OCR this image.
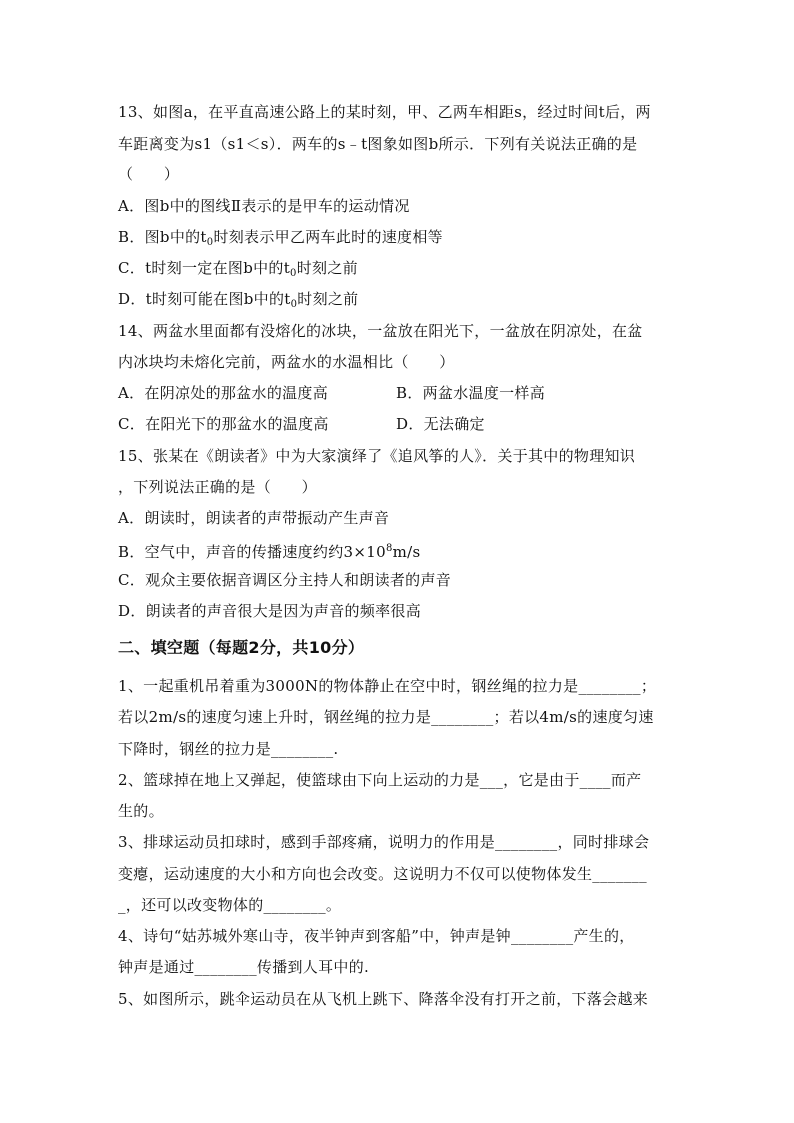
13、如图a，在平直高速公路上的某时刻，甲、乙两车相距s，经过时间t后，两
车距离变为s1（s1＜s）．两车的s﹣t图象如图b所示．下列有关说法正确的是
（　　）
A．图b中的图线Ⅱ表示的是甲车的运动情况
B．图b中的$t_0$时刻表示甲乙两车此时的速度相等
C．t时刻一定在图b中的$t_0$时刻之前
D．t时刻可能在图b中的$t_0$时刻之前
14、两盆水里面都有没熔化的冰块，一盆放在阳光下，一盆放在阴凉处，在盆
内冰块均未熔化完前，两盆水的水温相比（　　）
A．在阴凉处的那盆水的温度高	B．两盆水温度一样高
C．在阳光下的那盆水的温度高	D．无法确定
15、张某在《朗读者》中为大家演绎了《追风筝的人》．关于其中的物理知识
，下列说法正确的是（　　）
A．朗读时，朗读者的声带振动产生声音
B．空气中，声音的传播速度约约$3\times 10^8m/s$
C．观众主要依据音调区分主持人和朗读者的声音
D．朗读者的声音很大是因为声音的频率很高
二、填空题（每题2分，共10分）
1、一起重机吊着重为3000N的物体静止在空中时，钢丝绳的拉力是________；
若以2m/s的速度匀速上升时，钢丝绳的拉力是________；若以4m/s的速度匀速
下降时，钢丝的拉力是________.
2、篮球掉在地上又弹起，使篮球由下向上运动的力是___，它是由于____而产
生的。
3、排球运动员扣球时，感到手部疼痛，说明力的作用是________，同时排球会
变瘪，运动速度的大小和方向也会改变。这说明力不仅可以使物体发生_______
_，还可以改变物体的________。
4、诗句“姑苏城外寒山寺，夜半钟声到客船”中，钟声是钟________产生的，
钟声是通过________传播到人耳中的.
5、如图所示，跳伞运动员在从飞机上跳下、降落伞没有打开之前，下落会越来
